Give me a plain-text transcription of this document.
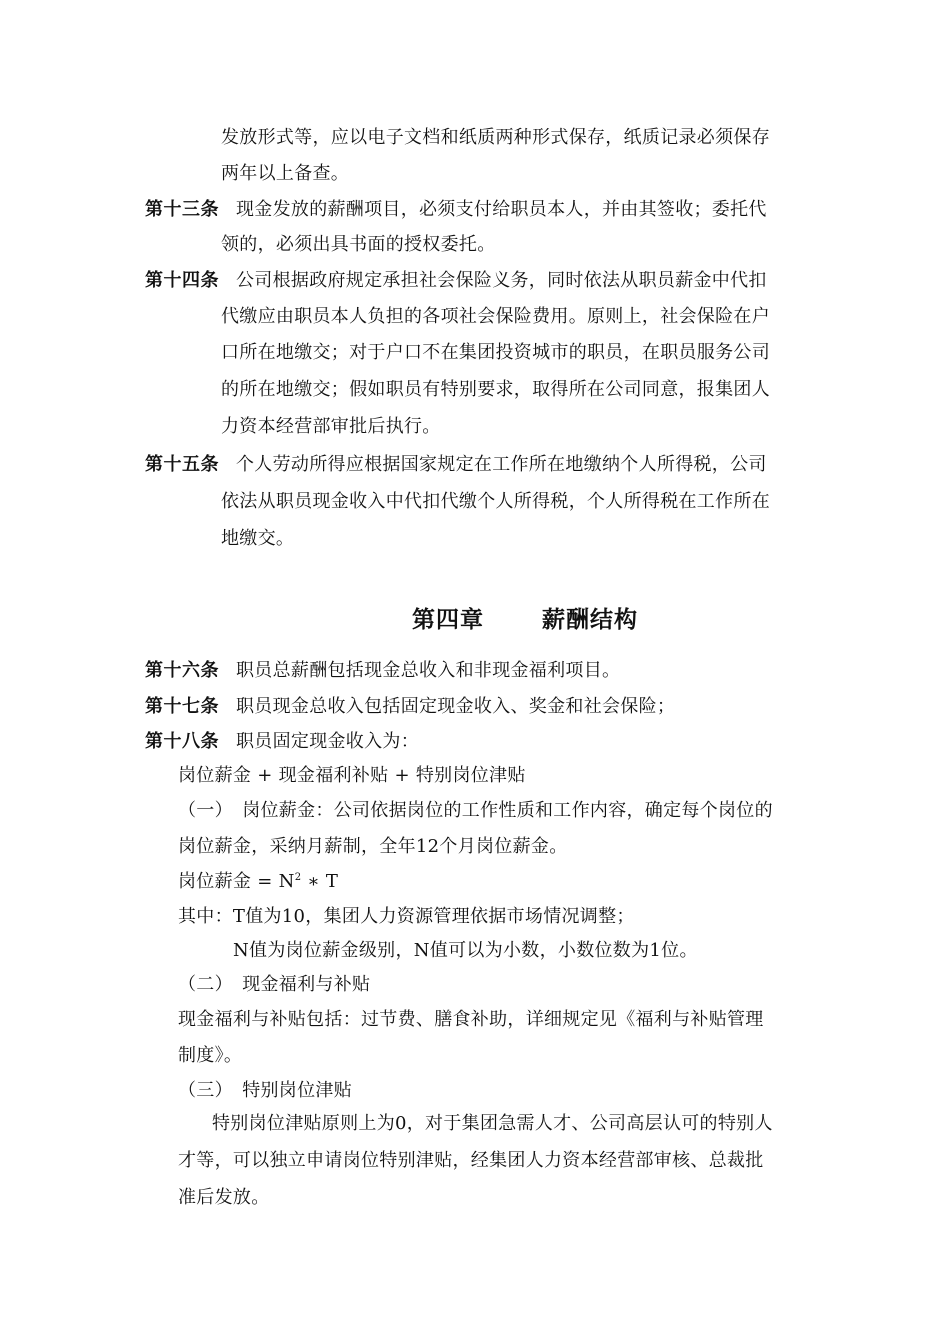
发放形式等，应以电子文档和纸质两种形式保存，纸质记录必须保存
两年以上备查。
第十三条 现金发放的薪酬项目，必须支付给职员本人，并由其签收；委托代
领的，必须出具书面的授权委托。
第十四条 公司根据政府规定承担社会保险义务，同时依法从职员薪金中代扣
代缴应由职员本人负担的各项社会保险费用。原则上，社会保险在户
口所在地缴交；对于户口不在集团投资城市的职员，在职员服务公司
的所在地缴交；假如职员有特别要求，取得所在公司同意，报集团人
力资本经营部审批后执行。
第十五条 个人劳动所得应根据国家规定在工作所在地缴纳个人所得税，公司
依法从职员现金收入中代扣代缴个人所得税，个人所得税在工作所在
地缴交。
第四章	薪酬结构
第十六条 职员总薪酬包括现金总收入和非现金福利项目。
第十七条 职员现金总收入包括固定现金收入、奖金和社会保险；
第十八条 职员固定现金收入为：
岗位薪金 + 现金福利补贴 + 特别岗位津贴
（一）　岗位薪金：公司依据岗位的工作性质和工作内容，确定每个岗位的
岗位薪金，采纳月薪制，全年12个月岗位薪金。
岗位薪金 = $N^2$ ∗ T
其中：T值为10，集团人力资源管理依据市场情况调整；
N值为岗位薪金级别，N值可以为小数，小数位数为1位。
（二）　现金福利与补贴
现金福利与补贴包括：过节费、膳食补助，详细规定见《福利与补贴管理
制度》。
（三）　特别岗位津贴
特别岗位津贴原则上为0，对于集团急需人才、公司高层认可的特别人
才等，可以独立申请岗位特别津贴，经集团人力资本经营部审核、总裁批
准后发放。
